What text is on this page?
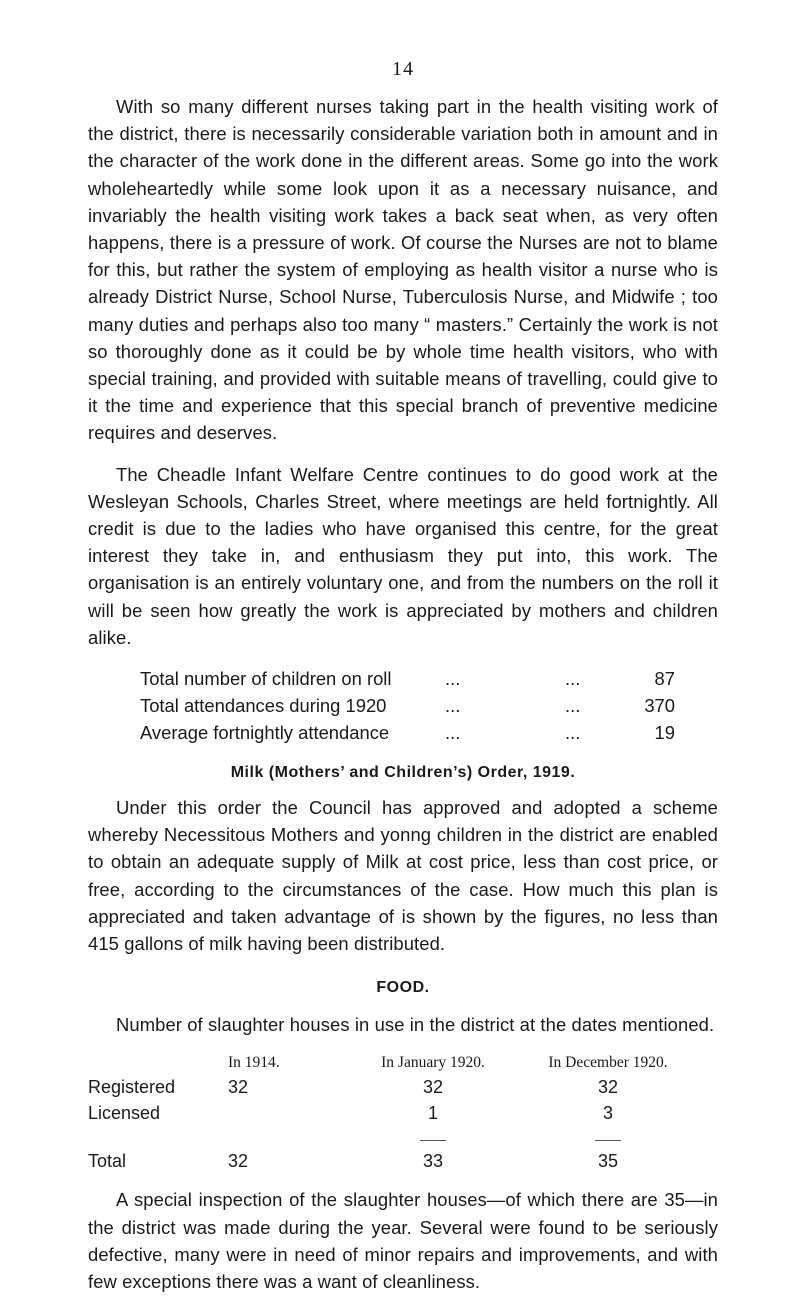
14

With so many different nurses taking part in the health visiting work of the district, there is necessarily considerable variation both in amount and in the character of the work done in the different areas. Some go into the work wholeheartedly while some look upon it as a necessary nuisance, and invariably the health visiting work takes a back seat when, as very often happens, there is a pressure of work. Of course the Nurses are not to blame for this, but rather the system of employing as health visitor a nurse who is already District Nurse, School Nurse, Tuberculosis Nurse, and Midwife ; too many duties and perhaps also too many “ masters.” Certainly the work is not so thoroughly done as it could be by whole time health visitors, who with special training, and provided with suitable means of travelling, could give to it the time and experience that this special branch of preventive medicine requires and deserves.

The Cheadle Infant Welfare Centre continues to do good work at the Wesleyan Schools, Charles Street, where meetings are held fortnightly. All credit is due to the ladies who have organised this centre, for the great interest they take in, and enthusiasm they put into, this work. The organisation is an entirely voluntary one, and from the numbers on the roll it will be seen how greatly the work is appreciated by mothers and children alike.

Total number of children on roll	...	...	87
Total attendances during 1920	...	...	370
Average fortnightly attendance	...	...	19
Milk (Mothers’ and Children’s) Order, 1919.

Under this order the Council has approved and adopted a scheme whereby Necessitous Mothers and yonng children in the district are enabled to obtain an adequate supply of Milk at cost price, less than cost price, or free, according to the circumstances of the case. How much this plan is appreciated and taken advantage of is shown by the figures, no less than 415 gallons of milk having been distributed.

FOOD.

Number of slaughter houses in use in the district at the dates mentioned.

	In 1914.	In January 1920.	In December 1920.
Registered	32	32	32
Licensed		1	3

Total	32	33	35

A special inspection of the slaughter houses—of which there are 35—in the district was made during the year. Several were found to be seriously defective, many were in need of minor repairs and improvements, and with few exceptions there was a want of cleanliness.
